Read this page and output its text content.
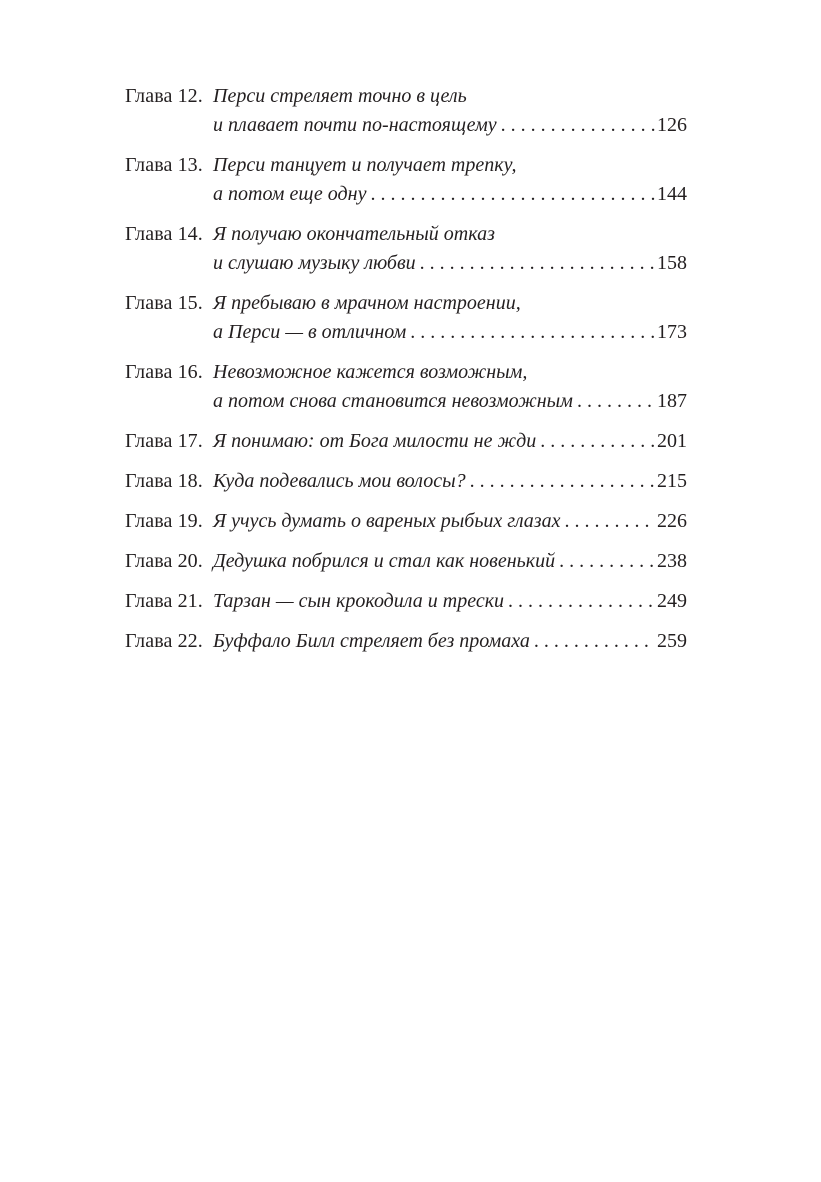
Глава 12. Перси стреляет точно в цель
и плавает почти по-настоящему . . .	126
Глава 13. Перси танцует и получает трепку,
а потом еще одну . . .	144
Глава 14. Я получаю окончательный отказ
и слушаю музыку любви . . .	158
Глава 15. Я пребываю в мрачном настроении,
а Перси — в отличном . . .	173
Глава 16. Невозможное кажется возможным,
а потом снова становится невозможным . . .	187
Глава 17. Я понимаю: от Бога милости не жди . . .	201
Глава 18. Куда подевались мои волосы? . . .	215
Глава 19. Я учусь думать о вареных рыбьих глазах . . .	226
Глава 20. Дедушка побрился и стал как новенький . . .	238
Глава 21. Тарзан — сын крокодила и трески . . .	249
Глава 22. Буффало Билл стреляет без промаха . . .	259
